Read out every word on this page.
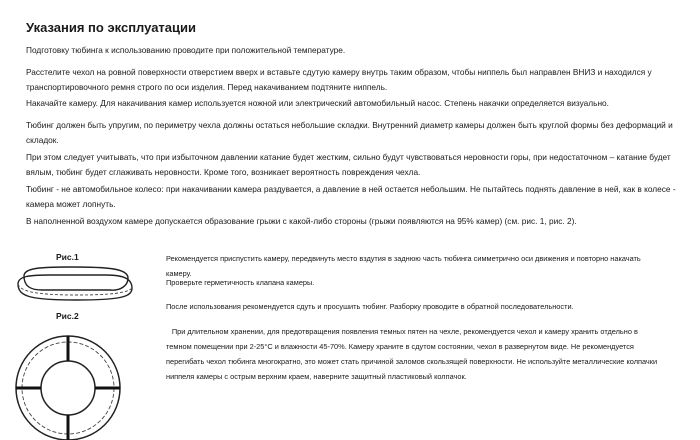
Указания по эксплуатации

Подготовку тюбинга к использованию проводите при положительной температуре.

Расстелите чехол на ровной поверхности отверстием вверх и вставьте сдутую камеру внутрь таким образом, чтобы ниппель был направлен ВНИЗ и находился у транспортировочного ремня строго по оси изделия. Перед накачиванием подтяните ниппель.

Накачайте камеру. Для накачивания камер используется ножной или электрический автомобильный насос. Степень накачки определяется визуально.

Тюбинг должен быть упругим, по периметру чехла должны остаться небольшие складки. Внутренний диаметр камеры должен быть круглой формы без деформаций и складок.

При этом следует учитывать, что при избыточном давлении катание будет жестким, сильно будут чувствоваться неровности горы, при недостаточном – катание будет вялым, тюбинг будет сглаживать неровности. Кроме того, возникает вероятность повреждения чехла.

Тюбинг - не автомобильное колесо: при накачивании камера раздувается, а давление в ней остается небольшим. Не пытайтесь поднять давление в ней, как в колесе - камера может лопнуть.

В наполненной воздухом камере допускается образование грыжи с какой-либо стороны (грыжи появляются на 95% камер) (см. рис. 1, рис. 2).

Рис.1
Рис.2

Рекомендуется приспустить камеру, передвинуть место вздутия в заднюю часть тюбинга симметрично оси движения и повторно накачать камеру.

Проверьте герметичность клапана камеры.

После использования рекомендуется сдуть и просушить тюбинг. Разборку проводите в обратной последовательности.

При длительном хранении, для предотвращения появления темных пятен на чехле, рекомендуется чехол и камеру хранить отдельно в темном помещении при 2-25°C и влажности 45-70%. Камеру храните в сдутом состоянии, чехол в развернутом виде. Не рекомендуется перегибать чехол тюбинга многократно, это может стать причиной заломов скользящей поверхности. Не используйте металлические колпачки ниппеля камеры с острым верхним краем, наверните защитный пластиковый колпачок.
